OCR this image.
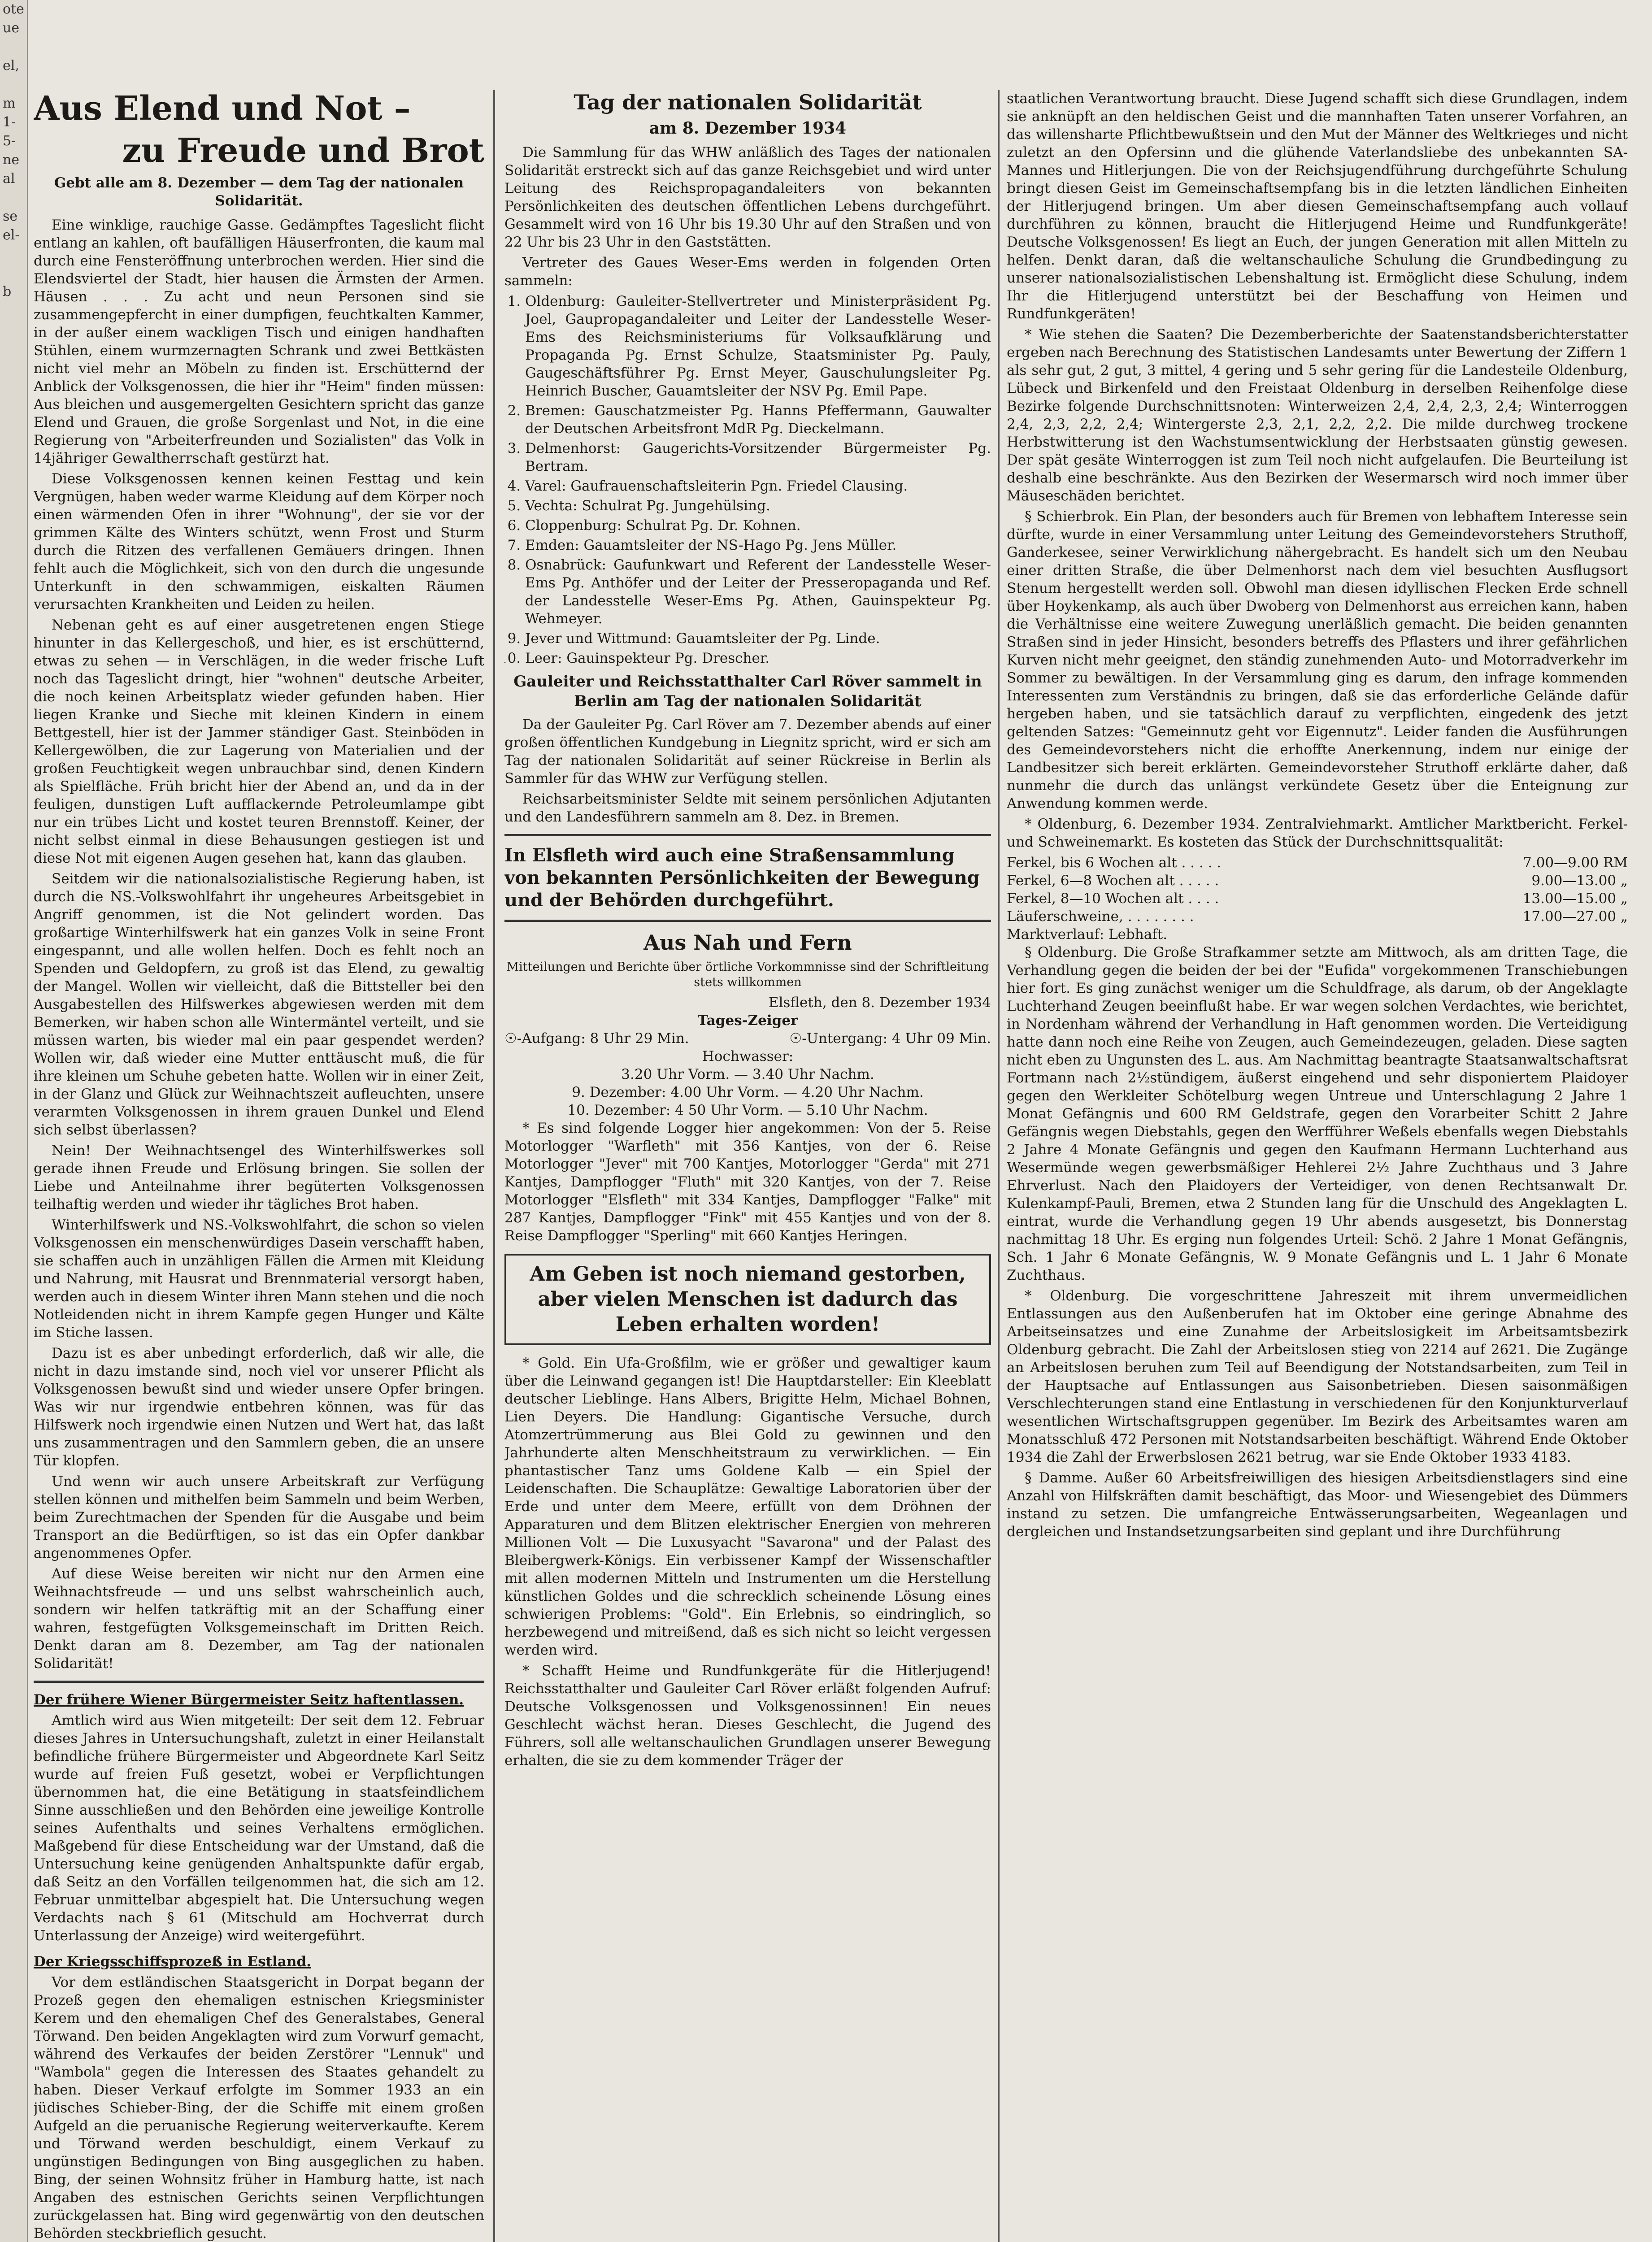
ote
ue

el,

m
1-
5-
ne
al

se
el-

b

Aus Elend und Not –
zu Freude und Brot
Gebt alle am 8. Dezember — dem Tag der nationalen Solidarität.

Eine winklige, rauchige Gasse. Gedämpftes Tageslicht flicht entlang an kahlen, oft baufälligen Häuserfronten, die kaum mal durch eine Fensteröffnung unterbrochen werden. Hier sind die Elendsviertel der Stadt, hier hausen die Ärmsten der Armen. Häusen . . . Zu acht und neun Personen sind sie zusammengepfercht in einer dumpfigen, feuchtkalten Kammer, in der außer einem wackligen Tisch und einigen handhaften Stühlen, einem wurmzernagten Schrank und zwei Bettkästen nicht viel mehr an Möbeln zu finden ist. Erschütternd der Anblick der Volksgenossen, die hier ihr "Heim" finden müssen: Aus bleichen und ausgemergelten Gesichtern spricht das ganze Elend und Grauen, die große Sorgenlast und Not, in die eine Regierung von "Arbeiterfreunden und Sozialisten" das Volk in 14jähriger Gewaltherrschaft gestürzt hat.

Diese Volksgenossen kennen keinen Festtag und kein Vergnügen, haben weder warme Kleidung auf dem Körper noch einen wärmenden Ofen in ihrer "Wohnung", der sie vor der grimmen Kälte des Winters schützt, wenn Frost und Sturm durch die Ritzen des verfallenen Gemäuers dringen. Ihnen fehlt auch die Möglichkeit, sich von den durch die ungesunde Unterkunft in den schwammigen, eiskalten Räumen verursachten Krankheiten und Leiden zu heilen.

Nebenan geht es auf einer ausgetretenen engen Stiege hinunter in das Kellergeschoß, und hier, es ist erschütternd, etwas zu sehen — in Verschlägen, in die weder frische Luft noch das Tageslicht dringt, hier "wohnen" deutsche Arbeiter, die noch keinen Arbeitsplatz wieder gefunden haben. Hier liegen Kranke und Sieche mit kleinen Kindern in einem Bettgestell, hier ist der Jammer ständiger Gast. Steinböden in Kellergewölben, die zur Lagerung von Materialien und der großen Feuchtigkeit wegen unbrauchbar sind, denen Kindern als Spielfläche. Früh bricht hier der Abend an, und da in der feuligen, dunstigen Luft aufflackernde Petroleumlampe gibt nur ein trübes Licht und kostet teuren Brennstoff. Keiner, der nicht selbst einmal in diese Behausungen gestiegen ist und diese Not mit eigenen Augen gesehen hat, kann das glauben.

Seitdem wir die nationalsozialistische Regierung haben, ist durch die NS.-Volkswohlfahrt ihr ungeheures Arbeitsgebiet in Angriff genommen, ist die Not gelindert worden. Das großartige Winterhilfswerk hat ein ganzes Volk in seine Front eingespannt, und alle wollen helfen. Doch es fehlt noch an Spenden und Geldopfern, zu groß ist das Elend, zu gewaltig der Mangel. Wollen wir vielleicht, daß die Bittsteller bei den Ausgabestellen des Hilfswerkes abgewiesen werden mit dem Bemerken, wir haben schon alle Wintermäntel verteilt, und sie müssen warten, bis wieder mal ein paar gespendet werden? Wollen wir, daß wieder eine Mutter enttäuscht muß, die für ihre kleinen um Schuhe gebeten hatte. Wollen wir in einer Zeit, in der Glanz und Glück zur Weihnachtszeit aufleuchten, unsere verarmten Volksgenossen in ihrem grauen Dunkel und Elend sich selbst überlassen?

Nein! Der Weihnachtsengel des Winterhilfswerkes soll gerade ihnen Freude und Erlösung bringen. Sie sollen der Liebe und Anteilnahme ihrer begüterten Volksgenossen teilhaftig werden und wieder ihr tägliches Brot haben.

Winterhilfswerk und NS.-Volkswohlfahrt, die schon so vielen Volksgenossen ein menschenwürdiges Dasein verschafft haben, sie schaffen auch in unzähligen Fällen die Armen mit Kleidung und Nahrung, mit Hausrat und Brennmaterial versorgt haben, werden auch in diesem Winter ihren Mann stehen und die noch Notleidenden nicht in ihrem Kampfe gegen Hunger und Kälte im Stiche lassen.

Dazu ist es aber unbedingt erforderlich, daß wir alle, die nicht in dazu imstande sind, noch viel vor unserer Pflicht als Volksgenossen bewußt sind und wieder unsere Opfer bringen. Was wir nur irgendwie entbehren können, was für das Hilfswerk noch irgendwie einen Nutzen und Wert hat, das laßt uns zusammentragen und den Sammlern geben, die an unsere Tür klopfen.

Und wenn wir auch unsere Arbeitskraft zur Verfügung stellen können und mithelfen beim Sammeln und beim Werben, beim Zurechtmachen der Spenden für die Ausgabe und beim Transport an die Bedürftigen, so ist das ein Opfer dankbar angenommenes Opfer.

Auf diese Weise bereiten wir nicht nur den Armen eine Weihnachtsfreude — und uns selbst wahrscheinlich auch, sondern wir helfen tatkräftig mit an der Schaffung einer wahren, festgefügten Volksgemeinschaft im Dritten Reich. Denkt daran am 8. Dezember, am Tag der nationalen Solidarität!

Der frühere Wiener Bürgermeister Seitz haftentlassen.

Amtlich wird aus Wien mitgeteilt: Der seit dem 12. Februar dieses Jahres in Untersuchungshaft, zuletzt in einer Heilanstalt befindliche frühere Bürgermeister und Abgeordnete Karl Seitz wurde auf freien Fuß gesetzt, wobei er Verpflichtungen übernommen hat, die eine Betätigung in staatsfeindlichem Sinne ausschließen und den Behörden eine jeweilige Kontrolle seines Aufenthalts und seines Verhaltens ermöglichen. Maßgebend für diese Entscheidung war der Umstand, daß die Untersuchung keine genügenden Anhaltspunkte dafür ergab, daß Seitz an den Vorfällen teilgenommen hat, die sich am 12. Februar unmittelbar abgespielt hat. Die Untersuchung wegen Verdachts nach § 61 (Mitschuld am Hochverrat durch Unterlassung der Anzeige) wird weitergeführt.

Der Kriegsschiffsprozeß in Estland.

Vor dem estländischen Staatsgericht in Dorpat begann der Prozeß gegen den ehemaligen estnischen Kriegsminister Kerem und den ehemaligen Chef des Generalstabes, General Törwand. Den beiden Angeklagten wird zum Vorwurf gemacht, während des Verkaufes der beiden Zerstörer "Lennuk" und "Wambola" gegen die Interessen des Staates gehandelt zu haben. Dieser Verkauf erfolgte im Sommer 1933 an ein jüdisches Schieber-Bing, der die Schiffe mit einem großen Aufgeld an die peruanische Regierung weiterverkaufte. Kerem und Törwand werden beschuldigt, einem Verkauf zu ungünstigen Bedingungen von Bing ausgeglichen zu haben. Bing, der seinen Wohnsitz früher in Hamburg hatte, ist nach Angaben des estnischen Gerichts seinen Verpflichtungen zurückgelassen hat. Bing wird gegenwärtig von den deutschen Behörden steckbrieflich gesucht.

Tag der nationalen Solidarität
am 8. Dezember 1934

Die Sammlung für das WHW anläßlich des Tages der nationalen Solidarität erstreckt sich auf das ganze Reichsgebiet und wird unter Leitung des Reichspropagandaleiters von bekannten Persönlichkeiten des deutschen öffentlichen Lebens durchgeführt. Gesammelt wird von 16 Uhr bis 19.30 Uhr auf den Straßen und von 22 Uhr bis 23 Uhr in den Gaststätten.

Vertreter des Gaues Weser-Ems werden in folgenden Orten sammeln:

1. Oldenburg: Gauleiter-Stellvertreter und Ministerpräsident Pg. Joel, Gaupropagandaleiter und Leiter der Landesstelle Weser-Ems des Reichsministeriums für Volksaufklärung und Propaganda Pg. Ernst Schulze, Staatsminister Pg. Pauly, Gaugeschäftsführer Pg. Ernst Meyer, Gauschulungsleiter Pg. Heinrich Buscher, Gauamtsleiter der NSV Pg. Emil Pape.
2. Bremen: Gauschatzmeister Pg. Hanns Pfeffermann, Gauwalter der Deutschen Arbeitsfront MdR Pg. Dieckelmann.
3. Delmenhorst: Gaugerichts-Vorsitzender Bürgermeister Pg. Bertram.
4. Varel: Gaufrauenschaftsleiterin Pgn. Friedel Clausing.
5. Vechta: Schulrat Pg. Jungehülsing.
6. Cloppenburg: Schulrat Pg. Dr. Kohnen.
7. Emden: Gauamtsleiter der NS-Hago Pg. Jens Müller.
8. Osnabrück: Gaufunkwart und Referent der Landesstelle Weser-Ems Pg. Anthöfer und der Leiter der Presseropaganda und Ref. der Landesstelle Weser-Ems Pg. Athen, Gauinspekteur Pg. Wehmeyer.
9. Jever und Wittmund: Gauamtsleiter der Pg. Linde.
10. Leer: Gauinspekteur Pg. Drescher.
Gauleiter und Reichsstatthalter Carl Röver sammelt in Berlin am Tag der nationalen Solidarität

Da der Gauleiter Pg. Carl Röver am 7. Dezember abends auf einer großen öffentlichen Kundgebung in Liegnitz spricht, wird er sich am Tag der nationalen Solidarität auf seiner Rückreise in Berlin als Sammler für das WHW zur Verfügung stellen.

Reichsarbeitsminister Seldte mit seinem persönlichen Adjutanten und den Landesführern sammeln am 8. Dez. in Bremen.

In Elsfleth wird auch eine Straßensammlung von bekannten Persönlichkeiten der Bewegung und der Behörden durchgeführt.
Aus Nah und Fern
Mitteilungen und Berichte über örtliche Vorkommnisse sind der Schriftleitung stets willkommen
Elsfleth, den 8. Dezember 1934
Tages-Zeiger
☉-Aufgang: 8 Uhr 29 Min.	☉-Untergang: 4 Uhr 09 Min.
Hochwasser:
3.20 Uhr Vorm. — 3.40 Uhr Nachm.
9. Dezember: 4.00 Uhr Vorm. — 4.20 Uhr Nachm.
10. Dezember: 4 50 Uhr Vorm. — 5.10 Uhr Nachm.

* Es sind folgende Logger hier angekommen: Von der 5. Reise Motorlogger "Warfleth" mit 356 Kantjes, von der 6. Reise Motorlogger "Jever" mit 700 Kantjes, Motorlogger "Gerda" mit 271 Kantjes, Dampflogger "Fluth" mit 320 Kantjes, von der 7. Reise Motorlogger "Elsfleth" mit 334 Kantjes, Dampflogger "Falke" mit 287 Kantjes, Dampflogger "Fink" mit 455 Kantjes und von der 8. Reise Dampflogger "Sperling" mit 660 Kantjes Heringen.

Am Geben ist noch niemand gestorben, aber vielen Menschen ist dadurch das Leben erhalten worden!

* Gold. Ein Ufa-Großfilm, wie er größer und gewaltiger kaum über die Leinwand gegangen ist! Die Hauptdarsteller: Ein Kleeblatt deutscher Lieblinge. Hans Albers, Brigitte Helm, Michael Bohnen, Lien Deyers. Die Handlung: Gigantische Versuche, durch Atomzertrümmerung aus Blei Gold zu gewinnen und den Jahrhunderte alten Menschheitstraum zu verwirklichen. — Ein phantastischer Tanz ums Goldene Kalb — ein Spiel der Leidenschaften. Die Schauplätze: Gewaltige Laboratorien über der Erde und unter dem Meere, erfüllt von dem Dröhnen der Apparaturen und dem Blitzen elektrischer Energien von mehreren Millionen Volt — Die Luxusyacht "Savarona" und der Palast des Bleibergwerk-Königs. Ein verbissener Kampf der Wissenschaftler mit allen modernen Mitteln und Instrumenten um die Herstellung künstlichen Goldes und die schrecklich scheinende Lösung eines schwierigen Problems: "Gold". Ein Erlebnis, so eindringlich, so herzbewegend und mitreißend, daß es sich nicht so leicht vergessen werden wird.

* Schafft Heime und Rundfunkgeräte für die Hitlerjugend! Reichsstatthalter und Gauleiter Carl Röver erläßt folgenden Aufruf: Deutsche Volksgenossen und Volksgenossinnen! Ein neues Geschlecht wächst heran. Dieses Geschlecht, die Jugend des Führers, soll alle weltanschaulichen Grundlagen unserer Bewegung erhalten, die sie zu dem kommender Träger der

staatlichen Verantwortung braucht. Diese Jugend schafft sich diese Grundlagen, indem sie anknüpft an den heldischen Geist und die mannhaften Taten unserer Vorfahren, an das willensharte Pflichtbewußtsein und den Mut der Männer des Weltkrieges und nicht zuletzt an den Opfersinn und die glühende Vaterlandsliebe des unbekannten SA-Mannes und Hitlerjungen. Die von der Reichsjugendführung durchgeführte Schulung bringt diesen Geist im Gemeinschaftsempfang bis in die letzten ländlichen Einheiten der Hitlerjugend bringen. Um aber diesen Gemeinschaftsempfang auch vollauf durchführen zu können, braucht die Hitlerjugend Heime und Rundfunkgeräte! Deutsche Volksgenossen! Es liegt an Euch, der jungen Generation mit allen Mitteln zu helfen. Denkt daran, daß die weltanschauliche Schulung die Grundbedingung zu unserer nationalsozialistischen Lebenshaltung ist. Ermöglicht diese Schulung, indem Ihr die Hitlerjugend unterstützt bei der Beschaffung von Heimen und Rundfunkgeräten!

* Wie stehen die Saaten? Die Dezemberberichte der Saatenstandsberichterstatter ergeben nach Berechnung des Statistischen Landesamts unter Bewertung der Ziffern 1 als sehr gut, 2 gut, 3 mittel, 4 gering und 5 sehr gering für die Landesteile Oldenburg, Lübeck und Birkenfeld und den Freistaat Oldenburg in derselben Reihenfolge diese Bezirke folgende Durchschnittsnoten: Winterweizen 2,4, 2,4, 2,3, 2,4; Winterroggen 2,4, 2,3, 2,2, 2,4; Wintergerste 2,3, 2,1, 2,2, 2,2. Die milde durchweg trockene Herbstwitterung ist den Wachstumsentwicklung der Herbstsaaten günstig gewesen. Der spät gesäte Winterroggen ist zum Teil noch nicht aufgelaufen. Die Beurteilung ist deshalb eine beschränkte. Aus den Bezirken der Wesermarsch wird noch immer über Mäuseschäden berichtet.

§ Schierbrok. Ein Plan, der besonders auch für Bremen von lebhaftem Interesse sein dürfte, wurde in einer Versammlung unter Leitung des Gemeindevorstehers Struthoff, Ganderkesee, seiner Verwirklichung nähergebracht. Es handelt sich um den Neubau einer dritten Straße, die über Delmenhorst nach dem viel besuchten Ausflugsort Stenum hergestellt werden soll. Obwohl man diesen idyllischen Flecken Erde schnell über Hoykenkamp, als auch über Dwoberg von Delmenhorst aus erreichen kann, haben die Verhältnisse eine weitere Zuwegung unerläßlich gemacht. Die beiden genannten Straßen sind in jeder Hinsicht, besonders betreffs des Pflasters und ihrer gefährlichen Kurven nicht mehr geeignet, den ständig zunehmenden Auto- und Motorradverkehr im Sommer zu bewältigen. In der Versammlung ging es darum, den infrage kommenden Interessenten zum Verständnis zu bringen, daß sie das erforderliche Gelände dafür hergeben haben, und sie tatsächlich darauf zu verpflichten, eingedenk des jetzt geltenden Satzes: "Gemeinnutz geht vor Eigennutz". Leider fanden die Ausführungen des Gemeindevorstehers nicht die erhoffte Anerkennung, indem nur einige der Landbesitzer sich bereit erklärten. Gemeindevorsteher Struthoff erklärte daher, daß nunmehr die durch das unlängst verkündete Gesetz über die Enteignung zur Anwendung kommen werde.

* Oldenburg, 6. Dezember 1934. Zentralviehmarkt. Amtlicher Marktbericht. Ferkel- und Schweinemarkt. Es kosteten das Stück der Durchschnittsqualität:

Ferkel, bis 6 Wochen alt . . . . .	7.00—9.00 RM
Ferkel, 6—8 Wochen alt . . . . .	9.00—13.00 „
Ferkel, 8—10 Wochen alt . . . .	13.00—15.00 „
Läuferschweine, . . . . . . . .	17.00—27.00 „
Marktverlauf: Lebhaft.

§ Oldenburg. Die Große Strafkammer setzte am Mittwoch, als am dritten Tage, die Verhandlung gegen die beiden der bei der "Eufida" vorgekommenen Transchiebungen hier fort. Es ging zunächst weniger um die Schuldfrage, als darum, ob der Angeklagte Luchterhand Zeugen beeinflußt habe. Er war wegen solchen Verdachtes, wie berichtet, in Nordenham während der Verhandlung in Haft genommen worden. Die Verteidigung hatte dann noch eine Reihe von Zeugen, auch Gemeindezeugen, geladen. Diese sagten nicht eben zu Ungunsten des L. aus. Am Nachmittag beantragte Staatsanwaltschaftsrat Fortmann nach 2½stündigem, äußerst eingehend und sehr disponiertem Plaidoyer gegen den Werkleiter Schötelburg wegen Untreue und Unterschlagung 2 Jahre 1 Monat Gefängnis und 600 RM Geldstrafe, gegen den Vorarbeiter Schitt 2 Jahre Gefängnis wegen Diebstahls, gegen den Werfführer Weßels ebenfalls wegen Diebstahls 2 Jahre 4 Monate Gefängnis und gegen den Kaufmann Hermann Luchterhand aus Wesermünde wegen gewerbsmäßiger Hehlerei 2½ Jahre Zuchthaus und 3 Jahre Ehrverlust. Nach den Plaidoyers der Verteidiger, von denen Rechtsanwalt Dr. Kulenkampf-Pauli, Bremen, etwa 2 Stunden lang für die Unschuld des Angeklagten L. eintrat, wurde die Verhandlung gegen 19 Uhr abends ausgesetzt, bis Donnerstag nachmittag 18 Uhr. Es erging nun folgendes Urteil: Schö. 2 Jahre 1 Monat Gefängnis, Sch. 1 Jahr 6 Monate Gefängnis, W. 9 Monate Gefängnis und L. 1 Jahr 6 Monate Zuchthaus.

* Oldenburg. Die vorgeschrittene Jahreszeit mit ihrem unvermeidlichen Entlassungen aus den Außenberufen hat im Oktober eine geringe Abnahme des Arbeitseinsatzes und eine Zunahme der Arbeitslosigkeit im Arbeitsamtsbezirk Oldenburg gebracht. Die Zahl der Arbeitslosen stieg von 2214 auf 2621. Die Zugänge an Arbeitslosen beruhen zum Teil auf Beendigung der Notstandsarbeiten, zum Teil in der Hauptsache auf Entlassungen aus Saisonbetrieben. Diesen saisonmäßigen Verschlechterungen stand eine Entlastung in verschiedenen für den Konjunkturverlauf wesentlichen Wirtschaftsgruppen gegenüber. Im Bezirk des Arbeitsamtes waren am Monatsschluß 472 Personen mit Notstandsarbeiten beschäftigt. Während Ende Oktober 1934 die Zahl der Erwerbslosen 2621 betrug, war sie Ende Oktober 1933 4183.

§ Damme. Außer 60 Arbeitsfreiwilligen des hiesigen Arbeitsdienstlagers sind eine Anzahl von Hilfskräften damit beschäftigt, das Moor- und Wiesengebiet des Dümmers instand zu setzen. Die umfangreiche Entwässerungsarbeiten, Wegeanlagen und dergleichen und Instandsetzungsarbeiten sind geplant und ihre Durchführung
